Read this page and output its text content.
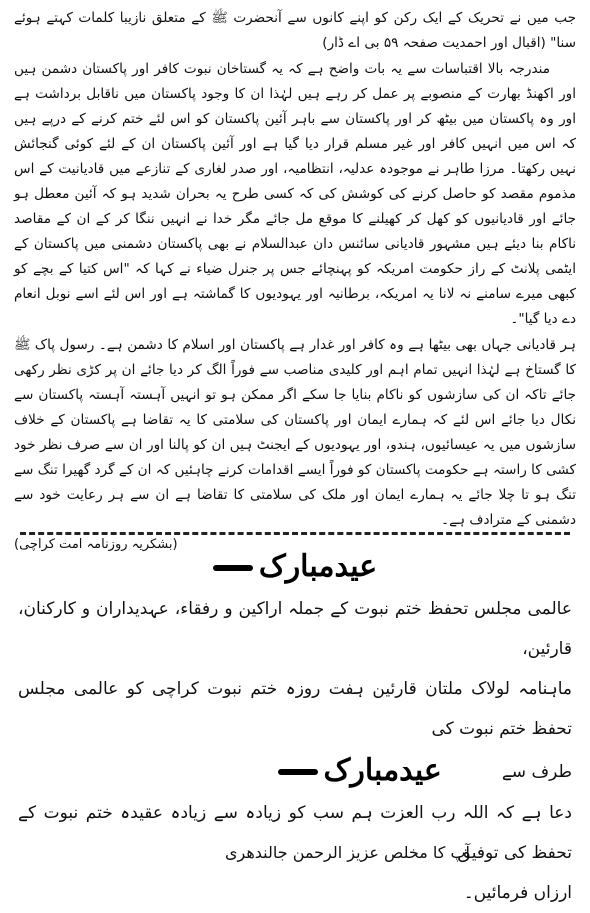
جب میں نے تحریک کے ایک رکن کو اپنے کانوں سے آنحضرت ﷺ کے متعلق نازیبا کلمات کہتے ہوئے سنا" (اقبال اور احمدیت صفحہ ۵۹ بی اے ڈار)

مندرجہ بالا اقتباسات سے یہ بات واضح ہے کہ یہ گستاخان نبوت کافر اور پاکستان دشمن ہیں اور اکھنڈ بھارت کے منصوبے پر عمل کر رہے ہیں لہٰذا ان کا وجود پاکستان میں ناقابل برداشت ہے اور وہ پاکستان میں بیٹھ کر اور پاکستان سے باہر آئین پاکستان کو اس لئے ختم کرنے کے درپے ہیں کہ اس میں انہیں کافر اور غیر مسلم قرار دیا گیا ہے اور آئین پاکستان ان کے لئے کوئی گنجائش نہیں رکھتا۔ مرزا طاہر نے موجودہ عدلیہ، انتظامیہ، اور صدر لغاری کے تنازعے میں قادیانیت کے اس مذموم مقصد کو حاصل کرنے کی کوشش کی کہ کسی طرح یہ بحران شدید ہو کہ آئین معطل ہو جائے اور قادیانیوں کو کھل کر کھیلنے کا موقع مل جائے مگر خدا نے انہیں ننگا کر کے ان کے مقاصد ناکام بنا دیئے ہیں مشہور قادیانی سائنس دان عبدالسلام نے بھی پاکستان دشمنی میں پاکستان کے ایٹمی پلانٹ کے راز حکومت امریکہ کو پہنچائے جس پر جنرل ضیاء نے کہا کہ "اس کتیا کے بچے کو کبھی میرے سامنے نہ لانا یہ امریکہ، برطانیہ اور یہودیوں کا گماشتہ ہے اور اس لئے اسے نوبل انعام دے دیا گیا"۔

ہر قادیانی جہاں بھی بیٹھا ہے وہ کافر اور غدار ہے پاکستان اور اسلام کا دشمن ہے۔ رسول پاک ﷺ کا گستاخ ہے لہٰذا انہیں تمام اہم اور کلیدی مناصب سے فوراً الگ کر دیا جائے ان پر کڑی نظر رکھی جائے تاکہ ان کی سازشوں کو ناکام بنایا جا سکے اگر ممکن ہو تو انہیں آہستہ آہستہ پاکستان سے نکال دیا جائے اس لئے کہ ہمارے ایمان اور پاکستان کی سلامتی کا یہ تقاضا ہے پاکستان کے خلاف سازشوں میں یہ عیسائیوں، ہندو، اور یہودیوں کے ایجنٹ ہیں ان کو پالنا اور ان سے صرف نظر خود کشی کا راستہ ہے حکومت پاکستان کو فوراً ایسے اقدامات کرنے چاہئیں کہ ان کے گرد گھیرا تنگ سے تنگ ہو تا چلا جائے یہ ہمارے ایمان اور ملک کی سلامتی کا تقاضا ہے ان سے ہر رعایت خود سے دشمنی کے مترادف ہے۔

(بشکریہ روزنامہ امت کراچی)
عیدمبارک

عالمی مجلس تحفظ ختم نبوت کے جملہ اراکین و رفقاء، عہدیداران و کارکنان، قارئین،

ماہنامہ لولاک ملتان قارئین ہفت روزہ ختم نبوت کراچی کو عالمی مجلس تحفظ ختم نبوت کی

طرف سے
عیدمبارک

دعا ہے کہ اللہ رب العزت ہم سب کو زیادہ سے زیادہ عقیدہ ختم نبوت کے تحفظ کی توفیق

ارزاں فرمائیں۔

آپ کا مخلص عزیز الرحمن جالندھری
